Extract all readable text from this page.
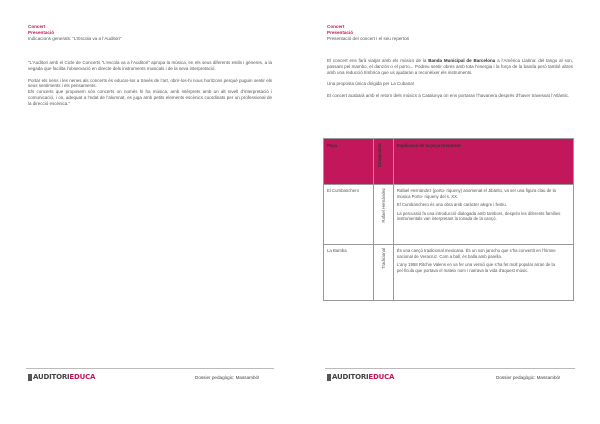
Concert
Presentació
Indicacions generals: “L’Escola va a l’Auditori”

“L’Auditori amb el Cicle de Concerts “L’escola va a l’Auditori” apropa la música, en els seus diferents estils i gèneres, a la vegada que facilita l’observació en directe dels instruments musicals i de la seva interpretació.

Portar els nens i les nenes als concerts és educar-los a través de l’art, obrir-los-hi nous horitzons perquè puguin sentir els seus sentiments i els pensaments.

Els concerts que proposem són concerts on només hi ha música, amb intèrprets amb un alt nivell d’interpretació i comunicació, i on, adequat a l’edat de l’alumnat, es juga amb petits elements escènics coordinats per un professional de la direcció escènica.”

AUDITORI EDUCA	Dossier pedagògic: Massambó!
Concert
Presentació
Presentació del concert i el seu repertori

El concert ens farà viatjar amb els músics de la Banda Municipal de Barcelona a l’Amèrica Llatina: del tango al son, passant pel mambo, el danzón o el porro... Podreu sentir obres amb tota l’energia i la força de la banda però també altres amb una reducció tímbrica que us ajudaran a reconèixer els instruments.

Una proposta única dirigida per La Cubana!

El concert acabarà amb el retorn dels músics a Catalunya on ens portaran l’havanera després d’haver travessat l’Atlàntic.

AUDITORI EDUCA	Dossier pedagògic: Massambó!
Peça	Compositor	Explicació de la peça breument
El Cumbanchero	Rafael Hernández	Rafael Hernández (porto- riqueny) anomenat el Jibarito, va ser una figura clau de la música Porto- riqueny del s. XX.

El Cumbanchero és una obra amb caràcter alegre i festiu.

La percussió fa una introducció dialogada amb tambors, després les diferents famílies instrumentals van interpretant la tonada de la cançó.

La Bamba	Tradicional	És una cançó tradicional mexicana. És un son jarocho que s’ha convertit en l’himne nacional de Veracruz. Com a ball, és balla amb parella.

L’any 1958 Ritchie Valens en va fer una versió que s’ha fet molt popular arran de la pel·lícula que portava el mateix nom i narrava la vida d’aquest músic.
